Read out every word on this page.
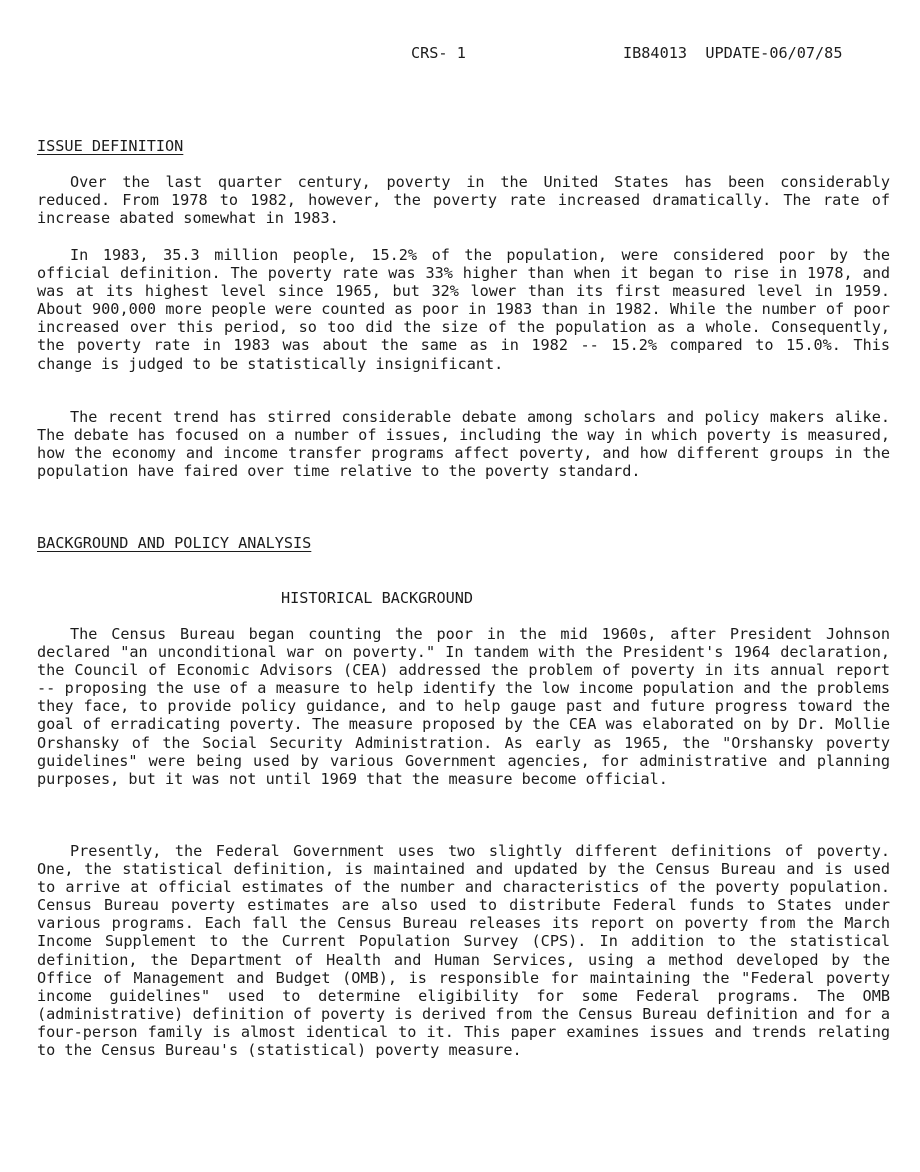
CRS- 1	IB84013 UPDATE-06/07/85
ISSUE DEFINITION

Over the last quarter century, poverty in the United States has been considerably reduced. From 1978 to 1982, however, the poverty rate increased dramatically. The rate of increase abated somewhat in 1983.

In 1983, 35.3 million people, 15.2% of the population, were considered poor by the official definition. The poverty rate was 33% higher than when it began to rise in 1978, and was at its highest level since 1965, but 32% lower than its first measured level in 1959. About 900,000 more people were counted as poor in 1983 than in 1982. While the number of poor increased over this period, so too did the size of the population as a whole. Consequently, the poverty rate in 1983 was about the same as in 1982 -- 15.2% compared to 15.0%. This change is judged to be statistically insignificant.

The recent trend has stirred considerable debate among scholars and policy makers alike. The debate has focused on a number of issues, including the way in which poverty is measured, how the economy and income transfer programs affect poverty, and how different groups in the population have faired over time relative to the poverty standard.

BACKGROUND AND POLICY ANALYSIS
HISTORICAL BACKGROUND

The Census Bureau began counting the poor in the mid 1960s, after President Johnson declared "an unconditional war on poverty." In tandem with the President's 1964 declaration, the Council of Economic Advisors (CEA) addressed the problem of poverty in its annual report -- proposing the use of a measure to help identify the low income population and the problems they face, to provide policy guidance, and to help gauge past and future progress toward the goal of erradicating poverty. The measure proposed by the CEA was elaborated on by Dr. Mollie Orshansky of the Social Security Administration. As early as 1965, the "Orshansky poverty guidelines" were being used by various Government agencies, for administrative and planning purposes, but it was not until 1969 that the measure become official.

Presently, the Federal Government uses two slightly different definitions of poverty. One, the statistical definition, is maintained and updated by the Census Bureau and is used to arrive at official estimates of the number and characteristics of the poverty population. Census Bureau poverty estimates are also used to distribute Federal funds to States under various programs. Each fall the Census Bureau releases its report on poverty from the March Income Supplement to the Current Population Survey (CPS). In addition to the statistical definition, the Department of Health and Human Services, using a method developed by the Office of Management and Budget (OMB), is responsible for maintaining the "Federal poverty income guidelines" used to determine eligibility for some Federal programs. The OMB (administrative) definition of poverty is derived from the Census Bureau definition and for a four-person family is almost identical to it. This paper examines issues and trends relating to the Census Bureau's (statistical) poverty measure.
